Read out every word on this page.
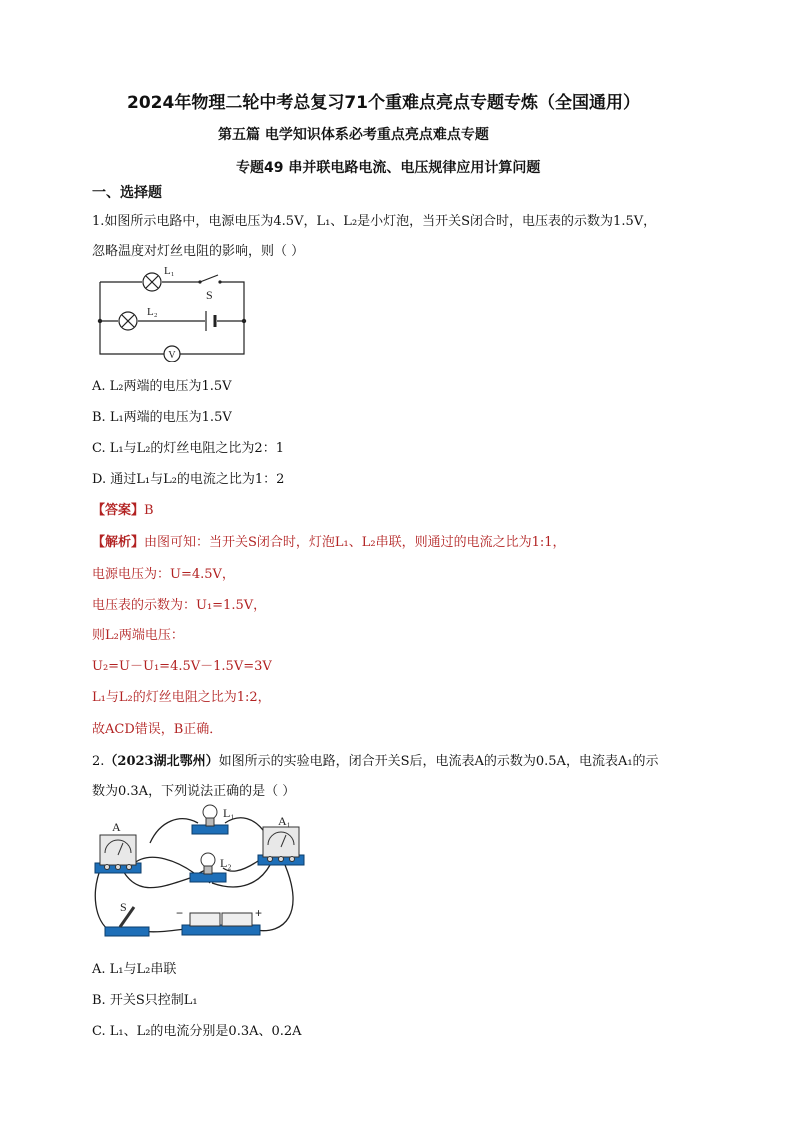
2024年物理二轮中考总复习71个重难点亮点专题专炼（全国通用）
第五篇 电学知识体系必考重点亮点难点专题
专题49 串并联电路电流、电压规律应用计算问题
一、选择题
1.如图所示电路中，电源电压为4.5V，L₁、L₂是小灯泡，当开关S闭合时，电压表的示数为1.5V，
忽略温度对灯丝电阻的影响，则（ ）
V
L₁
S
L₂
A. L₂两端的电压为1.5V
B. L₁两端的电压为1.5V
C. L₁与L₂的灯丝电阻之比为2：1
D. 通过L₁与L₂的电流之比为1：2
【答案】B
【解析】由图可知：当开关S闭合时，灯泡L₁、L₂串联，则通过的电流之比为1:1，
电源电压为：U=4.5V，
电压表的示数为：U₁=1.5V，
则L₂两端电压：
U₂=U－U₁=4.5V－1.5V=3V
L₁与L₂的灯丝电阻之比为1:2，
故ACD错误，B正确．
2.（2023湖北鄂州）如图所示的实验电路，闭合开关S后，电流表A的示数为0.5A，电流表A₁的示
数为0.3A，下列说法正确的是（ ）
A
L₁
L₂
A₁
S	−	+
A. L₁与L₂串联
B. 开关S只控制L₁
C. L₁、L₂的电流分别是0.3A、0.2A
